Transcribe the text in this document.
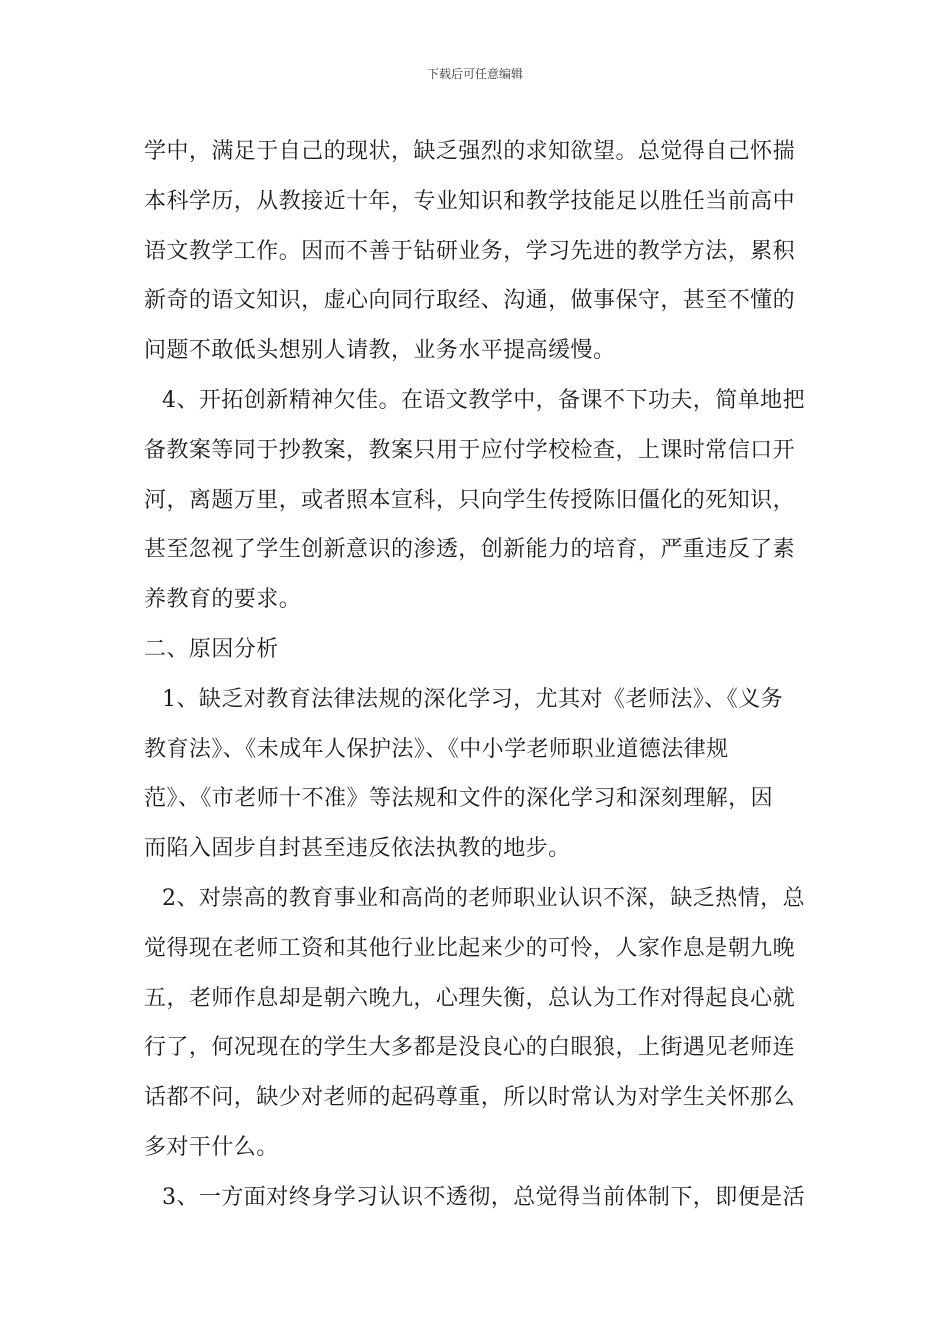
下载后可任意编辑
学中，满足于自己的现状，缺乏强烈的求知欲望。总觉得自己怀揣
本科学历，从教接近十年，专业知识和教学技能足以胜任当前高中
语文教学工作。因而不善于钻研业务，学习先进的教学方法，累积
新奇的语文知识，虚心向同行取经、沟通，做事保守，甚至不懂的
问题不敢低头想别人请教，业务水平提高缓慢。
4、开拓创新精神欠佳。在语文教学中，备课不下功夫，简单地把
备教案等同于抄教案，教案只用于应付学校检查，上课时常信口开
河，离题万里，或者照本宣科，只向学生传授陈旧僵化的死知识，
甚至忽视了学生创新意识的渗透，创新能力的培育，严重违反了素
养教育的要求。
二、原因分析
1、缺乏对教育法律法规的深化学习，尤其对《老师法》、《义务
教育法》、《未成年人保护法》、《中小学老师职业道德法律规
范》、《市老师十不准》等法规和文件的深化学习和深刻理解，因
而陷入固步自封甚至违反依法执教的地步。
2、对崇高的教育事业和高尚的老师职业认识不深，缺乏热情，总
觉得现在老师工资和其他行业比起来少的可怜，人家作息是朝九晚
五，老师作息却是朝六晚九，心理失衡，总认为工作对得起良心就
行了，何况现在的学生大多都是没良心的白眼狼，上街遇见老师连
话都不问，缺少对老师的起码尊重，所以时常认为对学生关怀那么
多对干什么。
3、一方面对终身学习认识不透彻，总觉得当前体制下，即便是活
